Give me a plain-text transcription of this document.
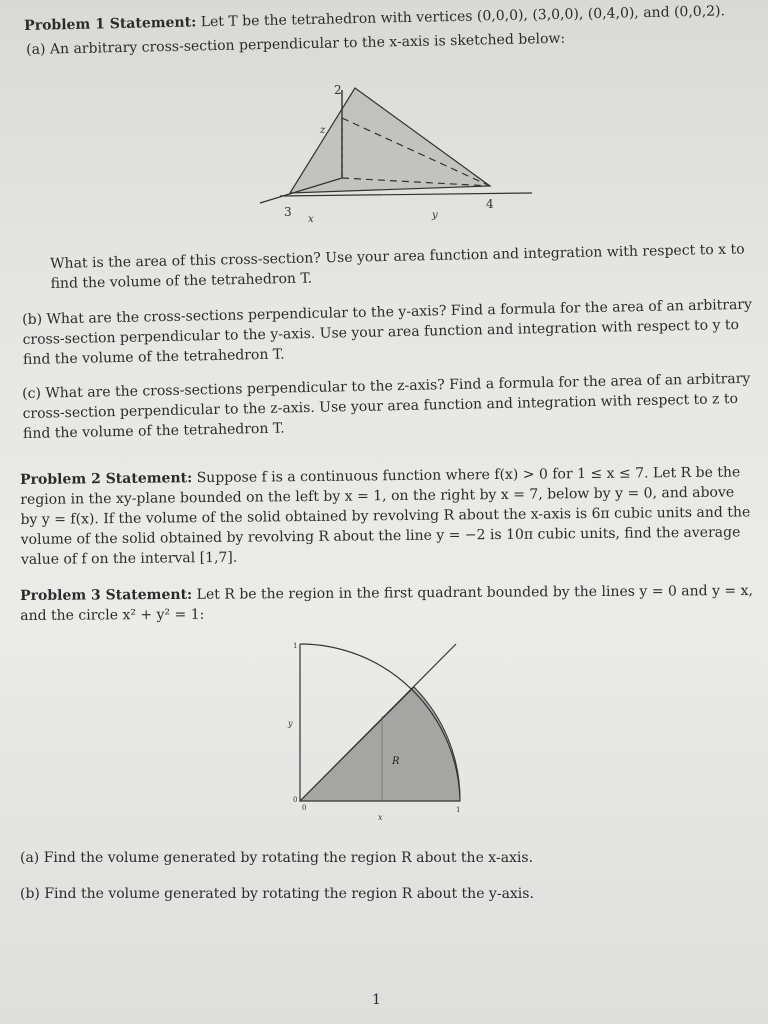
Problem 1 Statement: Let T be the tetrahedron with vertices (0,0,0), (3,0,0), (0,4,0), and (0,0,2).
(a) An arbitrary cross-section perpendicular to the x-axis is sketched below:
2
z
3
x	y
4
What is the area of this cross-section? Use your area function and integration with respect to x to find the volume of the tetrahedron T.
(b) What are the cross-sections perpendicular to the y-axis? Find a formula for the area of an arbitrary cross-section perpendicular to the y-axis. Use your area function and integration with respect to y to find the volume of the tetrahedron T.
(c) What are the cross-sections perpendicular to the z-axis? Find a formula for the area of an arbitrary cross-section perpendicular to the z-axis. Use your area function and integration with respect to z to find the volume of the tetrahedron T.
Problem 2 Statement: Suppose f is a continuous function where f(x) > 0 for 1 ≤ x ≤ 7. Let R be the region in the xy-plane bounded on the left by x = 1, on the right by x = 7, below by y = 0, and above by y = f(x). If the volume of the solid obtained by revolving R about the x-axis is 6π cubic units and the volume of the solid obtained by revolving R about the line y = −2 is 10π cubic units, find the average value of f on the interval [1,7].
Problem 3 Statement: Let R be the region in the first quadrant bounded by the lines y = 0 and y = x, and the circle x² + y² = 1:
1
y
R
0
0
x
1
(a) Find the volume generated by rotating the region R about the x-axis.
(b) Find the volume generated by rotating the region R about the y-axis.
1
